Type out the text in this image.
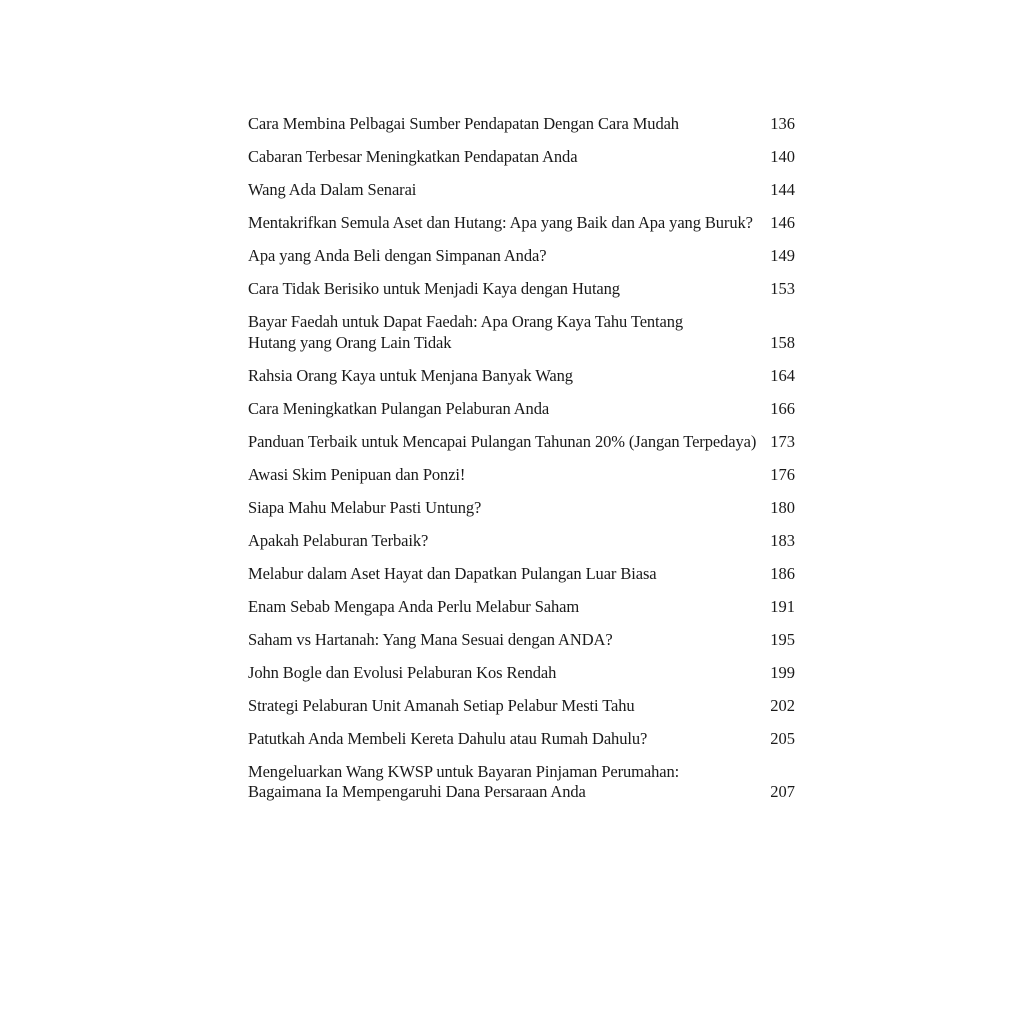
Cara Membina Pelbagai Sumber Pendapatan Dengan Cara Mudah	136
Cabaran Terbesar Meningkatkan Pendapatan Anda	140
Wang Ada Dalam Senarai	144
Mentakrifkan Semula Aset dan Hutang: Apa yang Baik dan Apa yang Buruk?	146
Apa yang Anda Beli dengan Simpanan Anda?	149
Cara Tidak Berisiko untuk Menjadi Kaya dengan Hutang	153
Bayar Faedah untuk Dapat Faedah: Apa Orang Kaya Tahu Tentang
Hutang yang Orang Lain Tidak	158
Rahsia Orang Kaya untuk Menjana Banyak Wang	164
Cara Meningkatkan Pulangan Pelaburan Anda	166
Panduan Terbaik untuk Mencapai Pulangan Tahunan 20% (Jangan Terpedaya) 173
Awasi Skim Penipuan dan Ponzi!	176
Siapa Mahu Melabur Pasti Untung?	180
Apakah Pelaburan Terbaik?	183
Melabur dalam Aset Hayat dan Dapatkan Pulangan Luar Biasa	186
Enam Sebab Mengapa Anda Perlu Melabur Saham	191
Saham vs Hartanah: Yang Mana Sesuai dengan ANDA?	195
John Bogle dan Evolusi Pelaburan Kos Rendah	199
Strategi Pelaburan Unit Amanah Setiap Pelabur Mesti Tahu	202
Patutkah Anda Membeli Kereta Dahulu atau Rumah Dahulu?	205
Mengeluarkan Wang KWSP untuk Bayaran Pinjaman Perumahan:
Bagaimana Ia Mempengaruhi Dana Persaraan Anda	207
